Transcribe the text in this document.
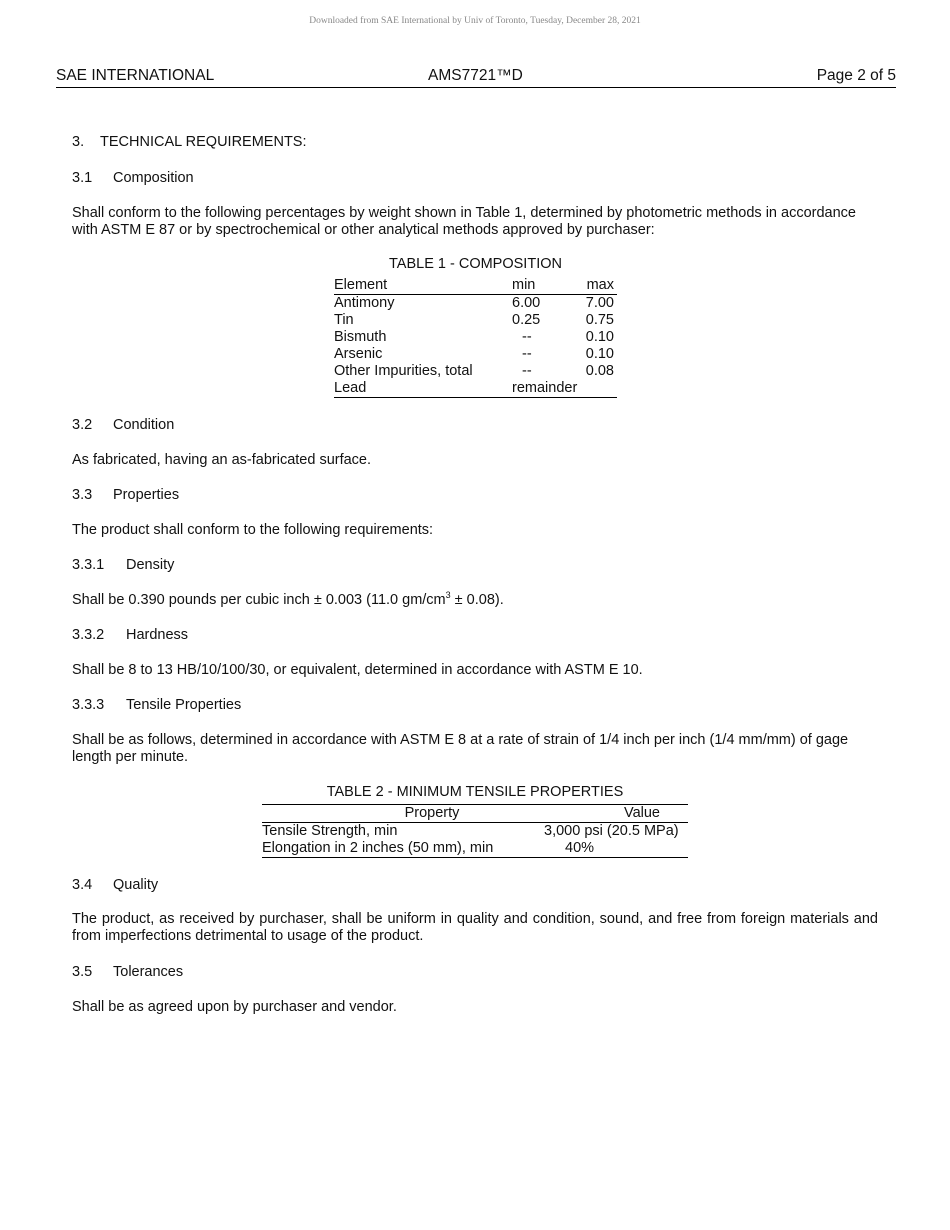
Downloaded from SAE International by Univ of Toronto, Tuesday, December 28, 2021
SAE INTERNATIONAL	AMS7721™D	Page 2 of 5
3. TECHNICAL REQUIREMENTS:
3.1 Composition
Shall conform to the following percentages by weight shown in Table 1, determined by photometric methods in accordance with ASTM E 87 or by spectrochemical or other analytical methods approved by purchaser:
TABLE 1 - COMPOSITION
Element	min	max
Antimony	6.00	7.00
Tin	0.25	0.75
Bismuth	--	0.10
Arsenic	--	0.10
Other Impurities, total	--	0.08
Lead	remainder
3.2 Condition
As fabricated, having an as-fabricated surface.
3.3 Properties
The product shall conform to the following requirements:
3.3.1 Density
Shall be 0.390 pounds per cubic inch ± 0.003 (11.0 $gm/cm^3 \pm 0.08$).
3.3.2 Hardness
Shall be 8 to 13 HB/10/100/30, or equivalent, determined in accordance with ASTM E 10.
3.3.3 Tensile Properties
Shall be as follows, determined in accordance with ASTM E 8 at a rate of strain of 1/4 inch per inch (1/4 mm/mm) of gage length per minute.
TABLE 2 - MINIMUM TENSILE PROPERTIES
Property	Value
Tensile Strength, min	3,000 psi (20.5 MPa)
Elongation in 2 inches (50 mm), min	40%
3.4 Quality
The product, as received by purchaser, shall be uniform in quality and condition, sound, and free from foreign materials and from imperfections detrimental to usage of the product.
3.5 Tolerances
Shall be as agreed upon by purchaser and vendor.
